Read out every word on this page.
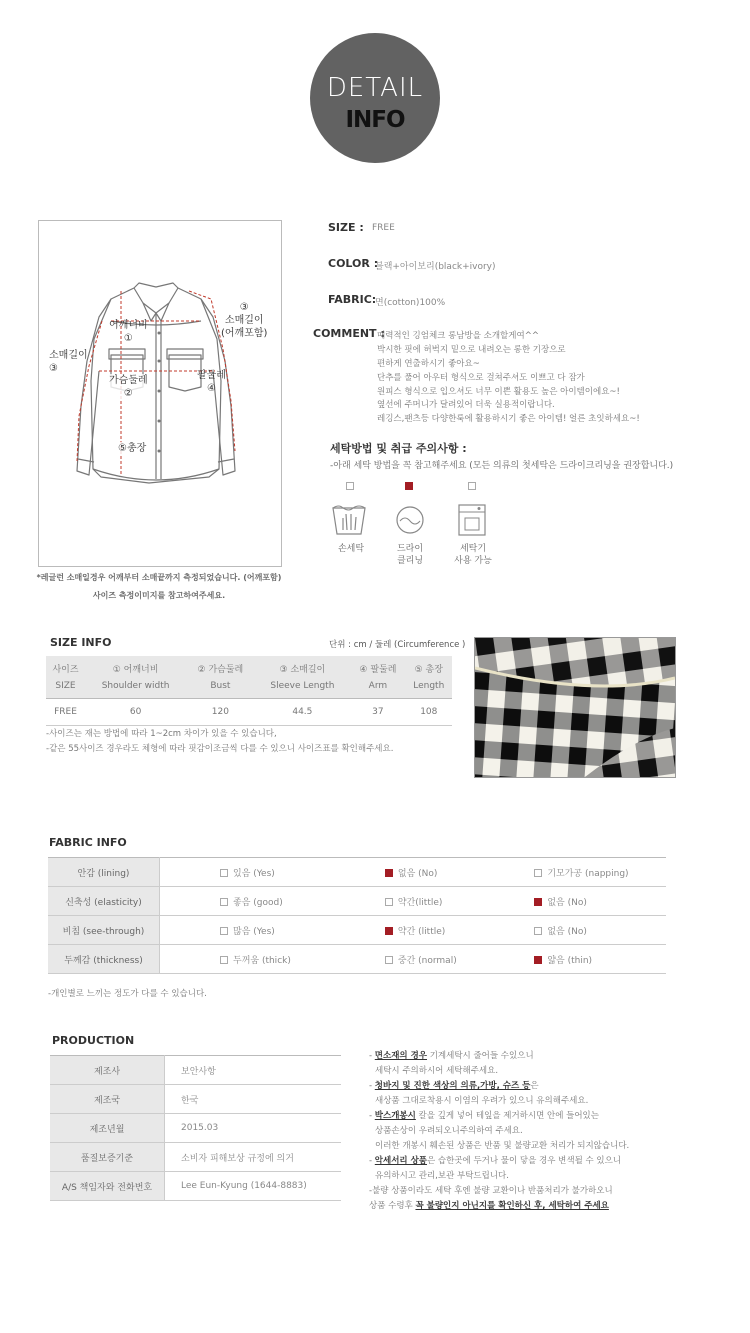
DETAIL
INFO
어깨너비
①
소매길이
③
③
소매길이
(어깨포함)
가슴둘레
②
팔둘레
④
⑤총장
*레글런 소매일경우 어깨부터 소매끝까지 측정되었습니다. (어깨포함)
사이즈 측정이미지를 참고하여주세요.
SIZE : FREE
COLOR :
블랙+아이보리(black+ivory)
FABRIC:
면(cotton)100%
COMMENT :
매력적인 깅엄체크 롱남방을 소개할게여^^
박시한 핏에 허벅지 밑으로 내려오는 롱한 기장으로
편하게 연출하시기 좋아요~
단추를 풀어 아우터 형식으로 걸쳐주셔도 이쁘고 다 잠가
원피스 형식으로 입으셔도 너무 이쁜 활용도 높은 아이템이에요~!
옆선에 주머니가 달려있어 더욱 실용적이랍니다.
레깅스,팬츠등 다양한룩에 활용하시기 좋은 아이템! 얼른 초잇하세요~!
세탁방법 및 취급 주의사항 :
-아래 세탁 방법을 꼭 참고해주세요 (모든 의류의 첫세탁은 드라이크리닝을 권장합니다.)
손세탁	드라이
클리닝
세탁기
사용 가능
SIZE INFO	단위 : cm / 둘레 (Circumference )
사이즈	① 어깨너비	② 가슴둘레	③ 소매길이	④ 팔둘레	⑤ 총장
SIZE	Shoulder width	Bust	Sleeve Length	Arm	Length
FREE	60	120	44.5	37	108
-사이즈는 재는 방법에 따라 1~2cm 차이가 있을 수 있습니다,
-같은 55사이즈 경우라도 체형에 따라 핏감이조금씩 다를 수 있으니 사이즈표를 확인해주세요.
FABRIC INFO
안감 (lining)	있음 (Yes)	없음 (No)	기모가공 (napping)
신축성 (elasticity)	좋음 (good)	약간(little)	없음 (No)
비침 (see-through)	많음 (Yes)	약간 (little)	없음 (No)
두께감 (thickness)	두꺼움 (thick)	중간 (normal)	얇음 (thin)
-개인별로 느끼는 정도가 다를 수 있습니다.
PRODUCTION
제조사	보안사항
제조국	한국
제조년월	2015.03
품질보증기준	소비자 피해보상 규정에 의거
A/S 책임자와 전화번호	Lee Eun-Kyung (1644-8883)
- 면소재의 경우 기계세탁시 줄어들 수있으니
세탁시 주의하시어 세탁해주세요.
- 청바지 및 진한 색상의 의류,가방, 슈즈 등은
새상품 그대로착용시 이염의 우려가 있으니 유의해주세요.
- 박스개봉시 칼을 깊게 넣어 테잎을 제거하시면 안에 들어있는
상품손상이 우려되오니주의하여 주세요.
이러한 개봉시 훼손된 상품은 반품 및 불량교환 처리가 되지않습니다.
- 악세서리 상품은 습한곳에 두거나 물이 닿을 경우 변색될 수 있으니
유의하시고 관리,보관 부탁드립니다.
-불량 상품이라도 세탁 후엔 불량 교환이나 반품처리가 불가하오니
상품 수령후 꼭 불량인지 아닌지를 확인하신 후, 세탁하여 주세요
